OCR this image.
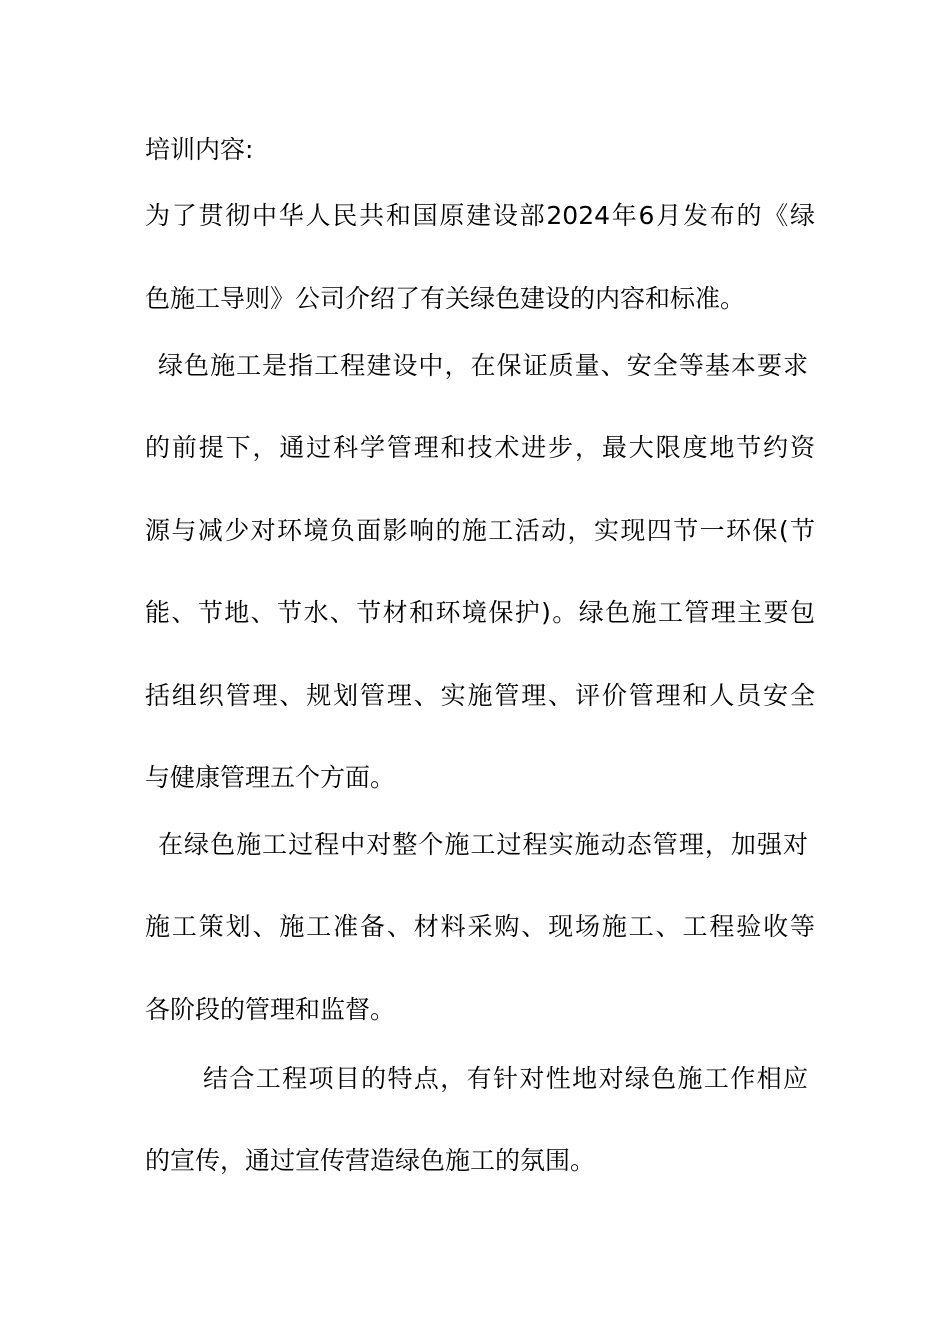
培训内容:
为了贯彻中华人民共和国原建设部2024年6月发布的《绿
色施工导则》公司介绍了有关绿色建设的内容和标准。
绿色施工是指工程建设中，在保证质量、安全等基本要求
的前提下，通过科学管理和技术进步，最大限度地节约资
源与减少对环境负面影响的施工活动，实现四节一环保(节
能、节地、节水、节材和环境保护)。绿色施工管理主要包
括组织管理、规划管理、实施管理、评价管理和人员安全
与健康管理五个方面。
在绿色施工过程中对整个施工过程实施动态管理，加强对
施工策划、施工准备、材料采购、现场施工、工程验收等
各阶段的管理和监督。
结合工程项目的特点，有针对性地对绿色施工作相应
的宣传，通过宣传营造绿色施工的氛围。
